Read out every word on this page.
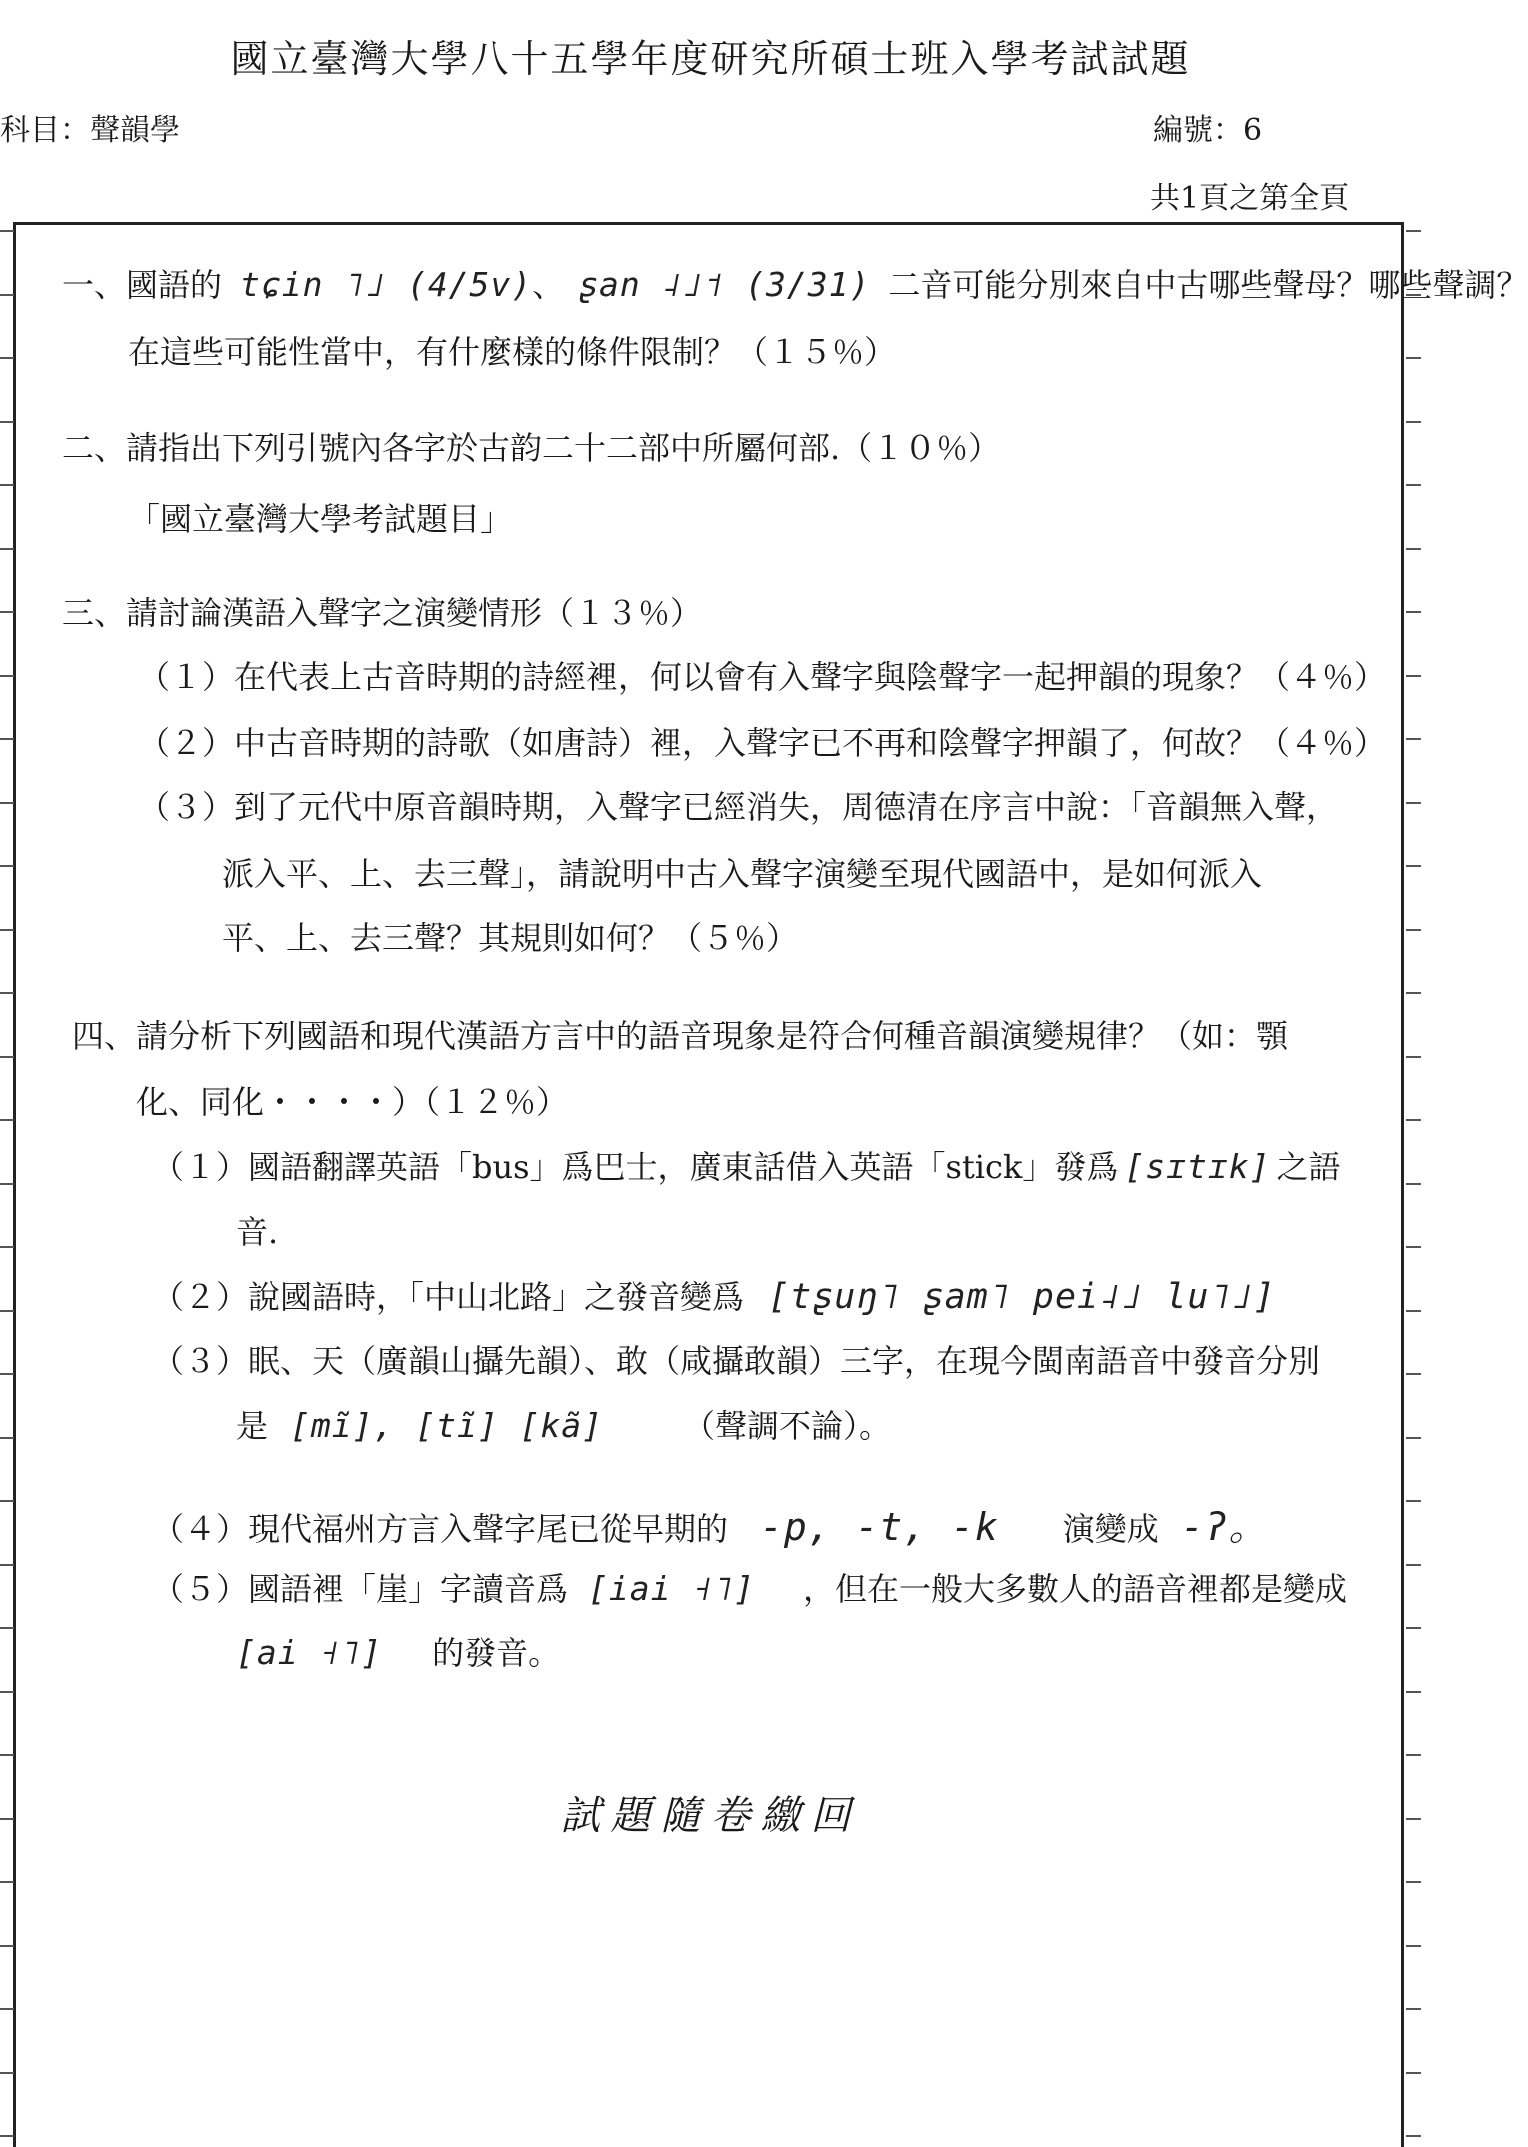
國立臺灣大學八十五學年度研究所碩士班入學考試試題
科目：聲韻學	編號：6
共1頁之第全頁
一、國語的 tɕin ˥˩ (4/5v)、 ʂan ˨˩˦ (3/31) 二音可能分別來自中古哪些聲母？哪些聲調？
在這些可能性當中，有什麼樣的條件限制？（１５％）
二、請指出下列引號內各字於古韵二十二部中所屬何部.（１０％）
「國立臺灣大學考試題目」
三、請討論漢語入聲字之演變情形（１３％）
（１）在代表上古音時期的詩經裡，何以會有入聲字與陰聲字一起押韻的現象？（４％）
（２）中古音時期的詩歌（如唐詩）裡，入聲字已不再和陰聲字押韻了，何故？（４％）
（３）到了元代中原音韻時期，入聲字已經消失，周德清在序言中說：「音韻無入聲，
派入平、上、去三聲」，請說明中古入聲字演變至現代國語中，是如何派入
平、上、去三聲？其規則如何？（５％）
四、請分析下列國語和現代漢語方言中的語音現象是符合何種音韻演變規律？（如：顎
化、同化・・・・）（１２％）
（１）國語翻譯英語「bus」爲巴士，廣東話借入英語「stick」發爲 [sɪtɪk] 之語
音.
（２）說國語時，「中山北路」之發音變爲 [tʂuŋ˥ ʂam˥ pei˨˩ lu˥˩]
（３）眠、天（廣韻山攝先韻）、敢（咸攝敢韻）三字，在現今閩南語音中發音分別
是 [mĩ], [tĩ] [kã]	（聲調不論）。
（４）現代福州方言入聲字尾已從早期的 -p, -t, -k 演變成 -ʔ。
（５）國語裡「崖」字讀音爲 [iai ˧˥] ，但在一般大多數人的語音裡都是變成
[ai ˧˥] 的發音。
試題隨卷繳回
